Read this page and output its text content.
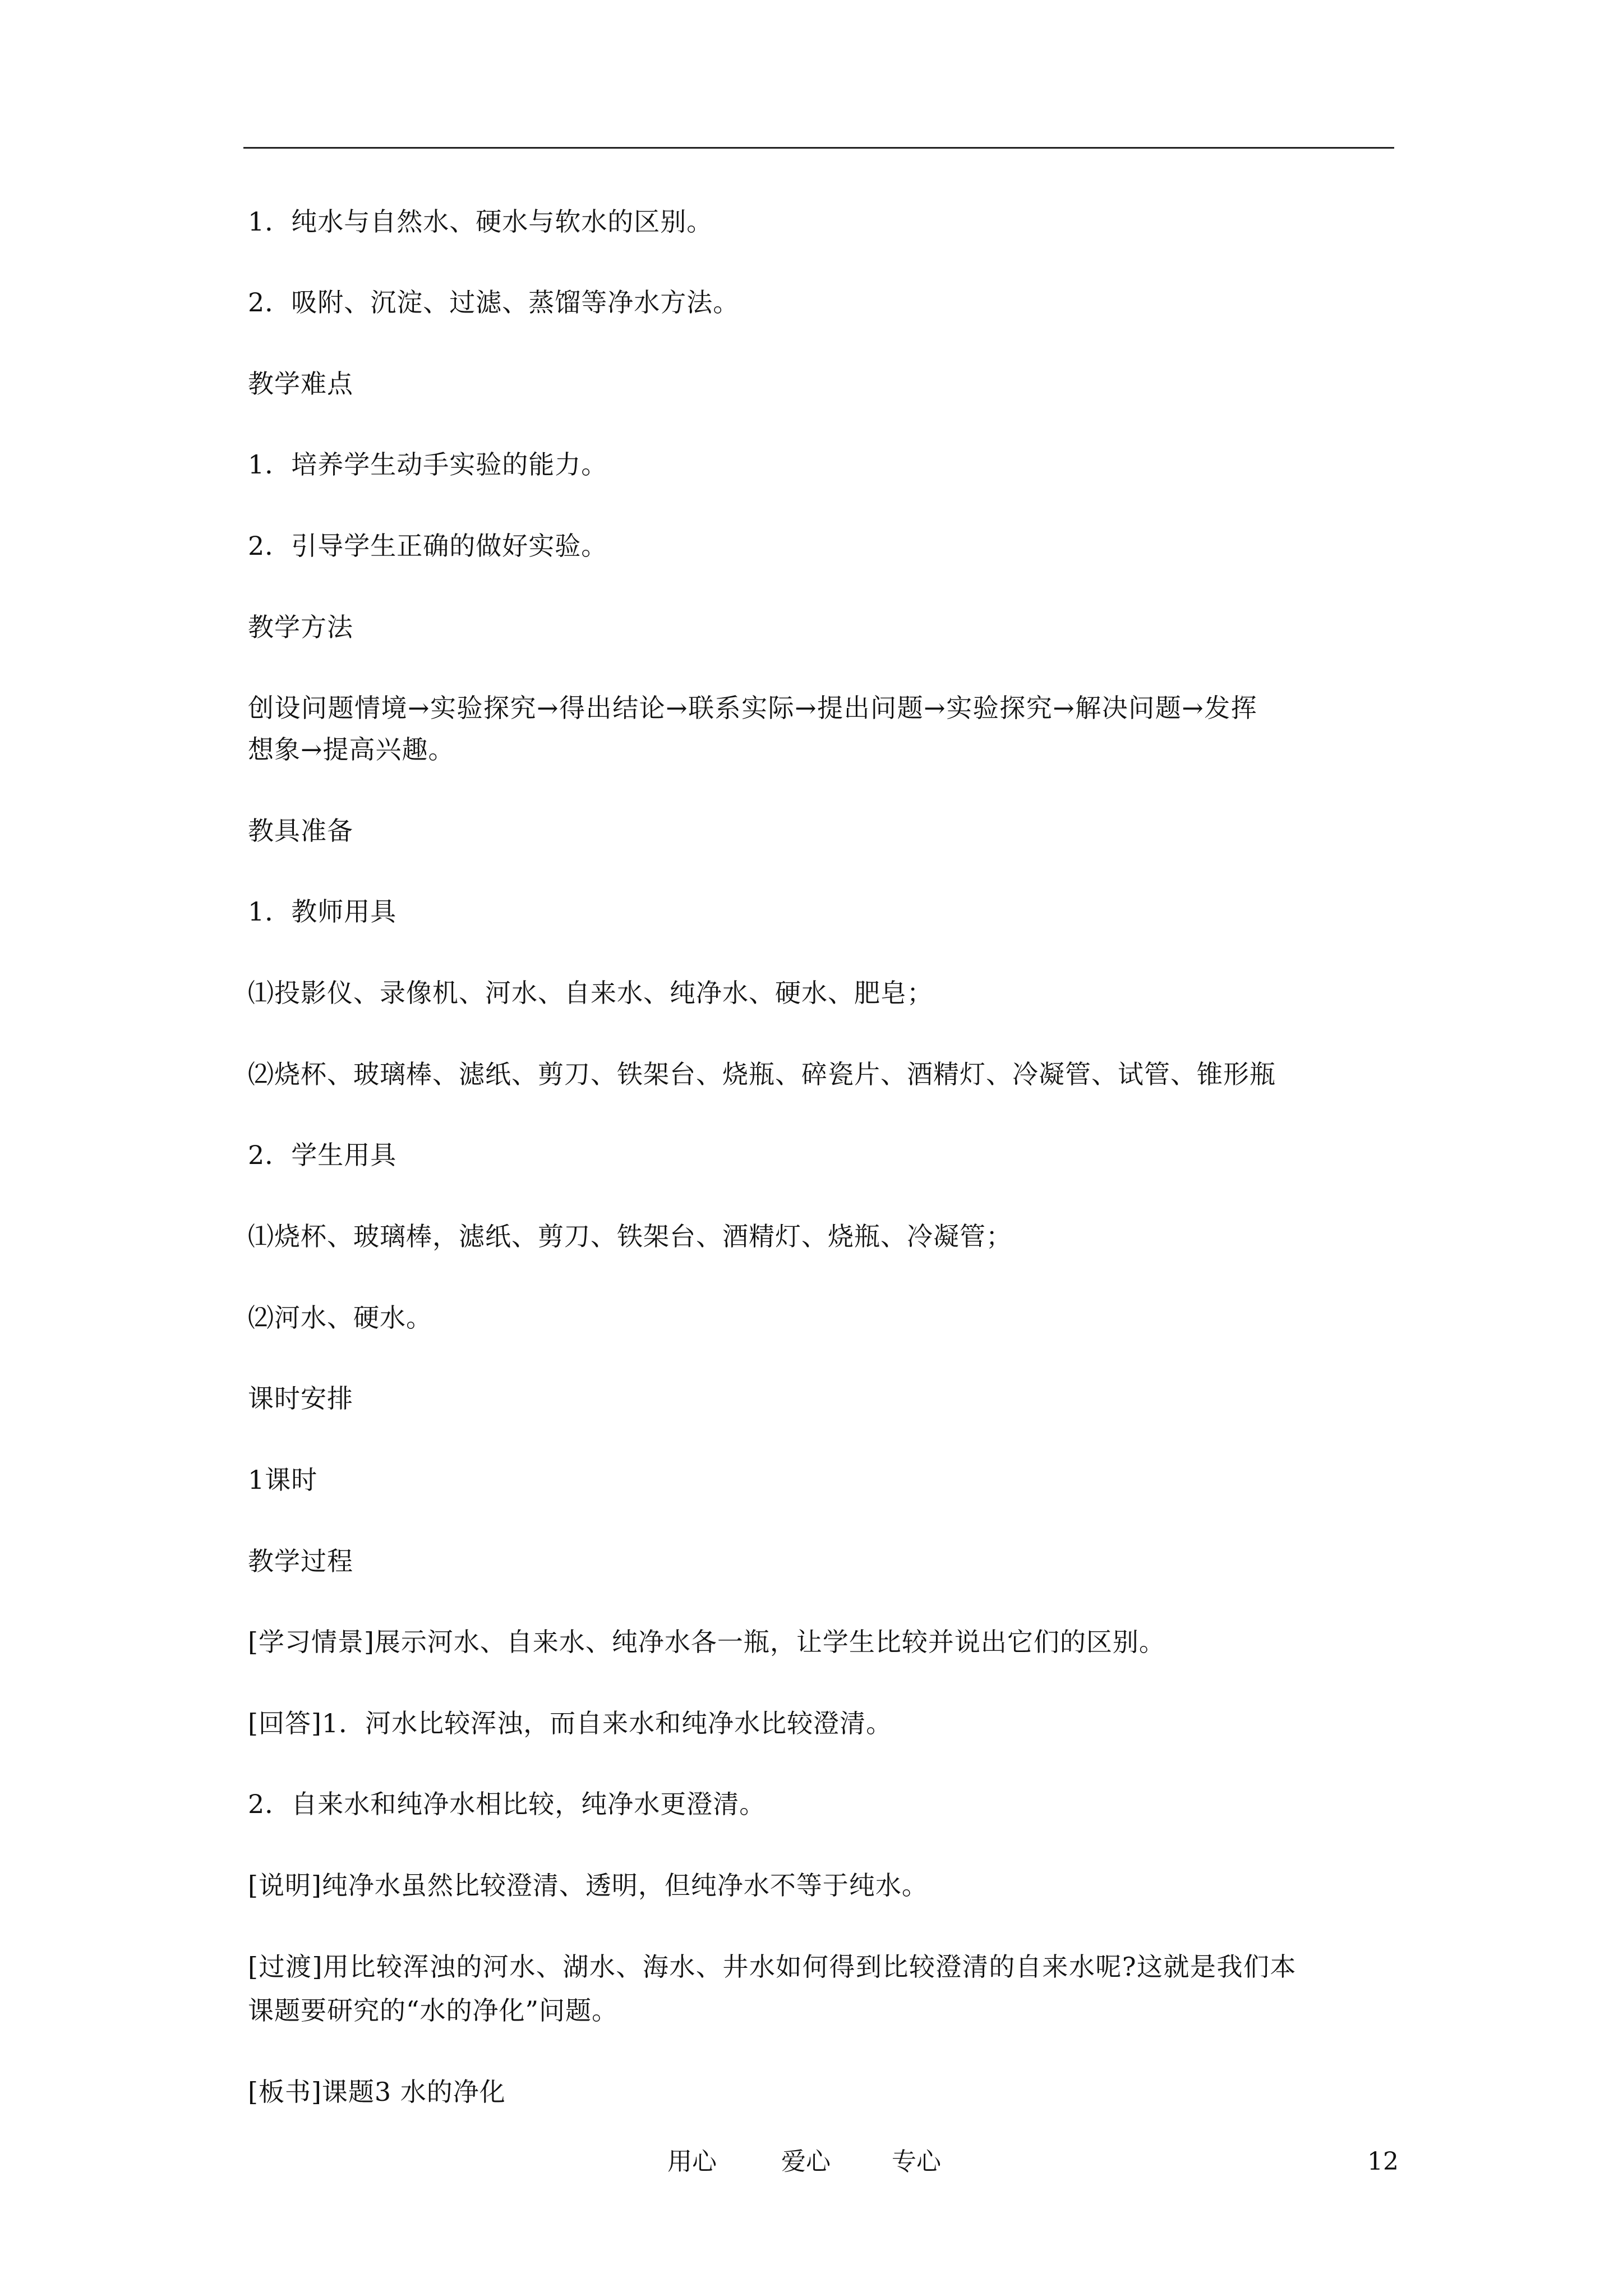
1．纯水与自然水、硬水与软水的区别。
2．吸附、沉淀、过滤、蒸馏等净水方法。
教学难点
1．培养学生动手实验的能力。
2．引导学生正确的做好实验。
教学方法
创设问题情境→实验探究→得出结论→联系实际→提出问题→实验探究→解决问题→发挥
想象→提高兴趣。
教具准备
1．教师用具
⑴投影仪、录像机、河水、自来水、纯净水、硬水、肥皂；
⑵烧杯、玻璃棒、滤纸、剪刀、铁架台、烧瓶、碎瓷片、酒精灯、冷凝管、试管、锥形瓶
2．学生用具
⑴烧杯、玻璃棒，滤纸、剪刀、铁架台、酒精灯、烧瓶、冷凝管；
⑵河水、硬水。
课时安排
1课时
教学过程
[学习情景]展示河水、自来水、纯净水各一瓶，让学生比较并说出它们的区别。
[回答]1．河水比较浑浊，而自来水和纯净水比较澄清。
2．自来水和纯净水相比较，纯净水更澄清。
[说明]纯净水虽然比较澄清、透明，但纯净水不等于纯水。
[过渡]用比较浑浊的河水、湖水、海水、井水如何得到比较澄清的自来水呢?这就是我们本
课题要研究的“水的净化”问题。
[板书]课题3 水的净化
用心	爱心 专心	12
